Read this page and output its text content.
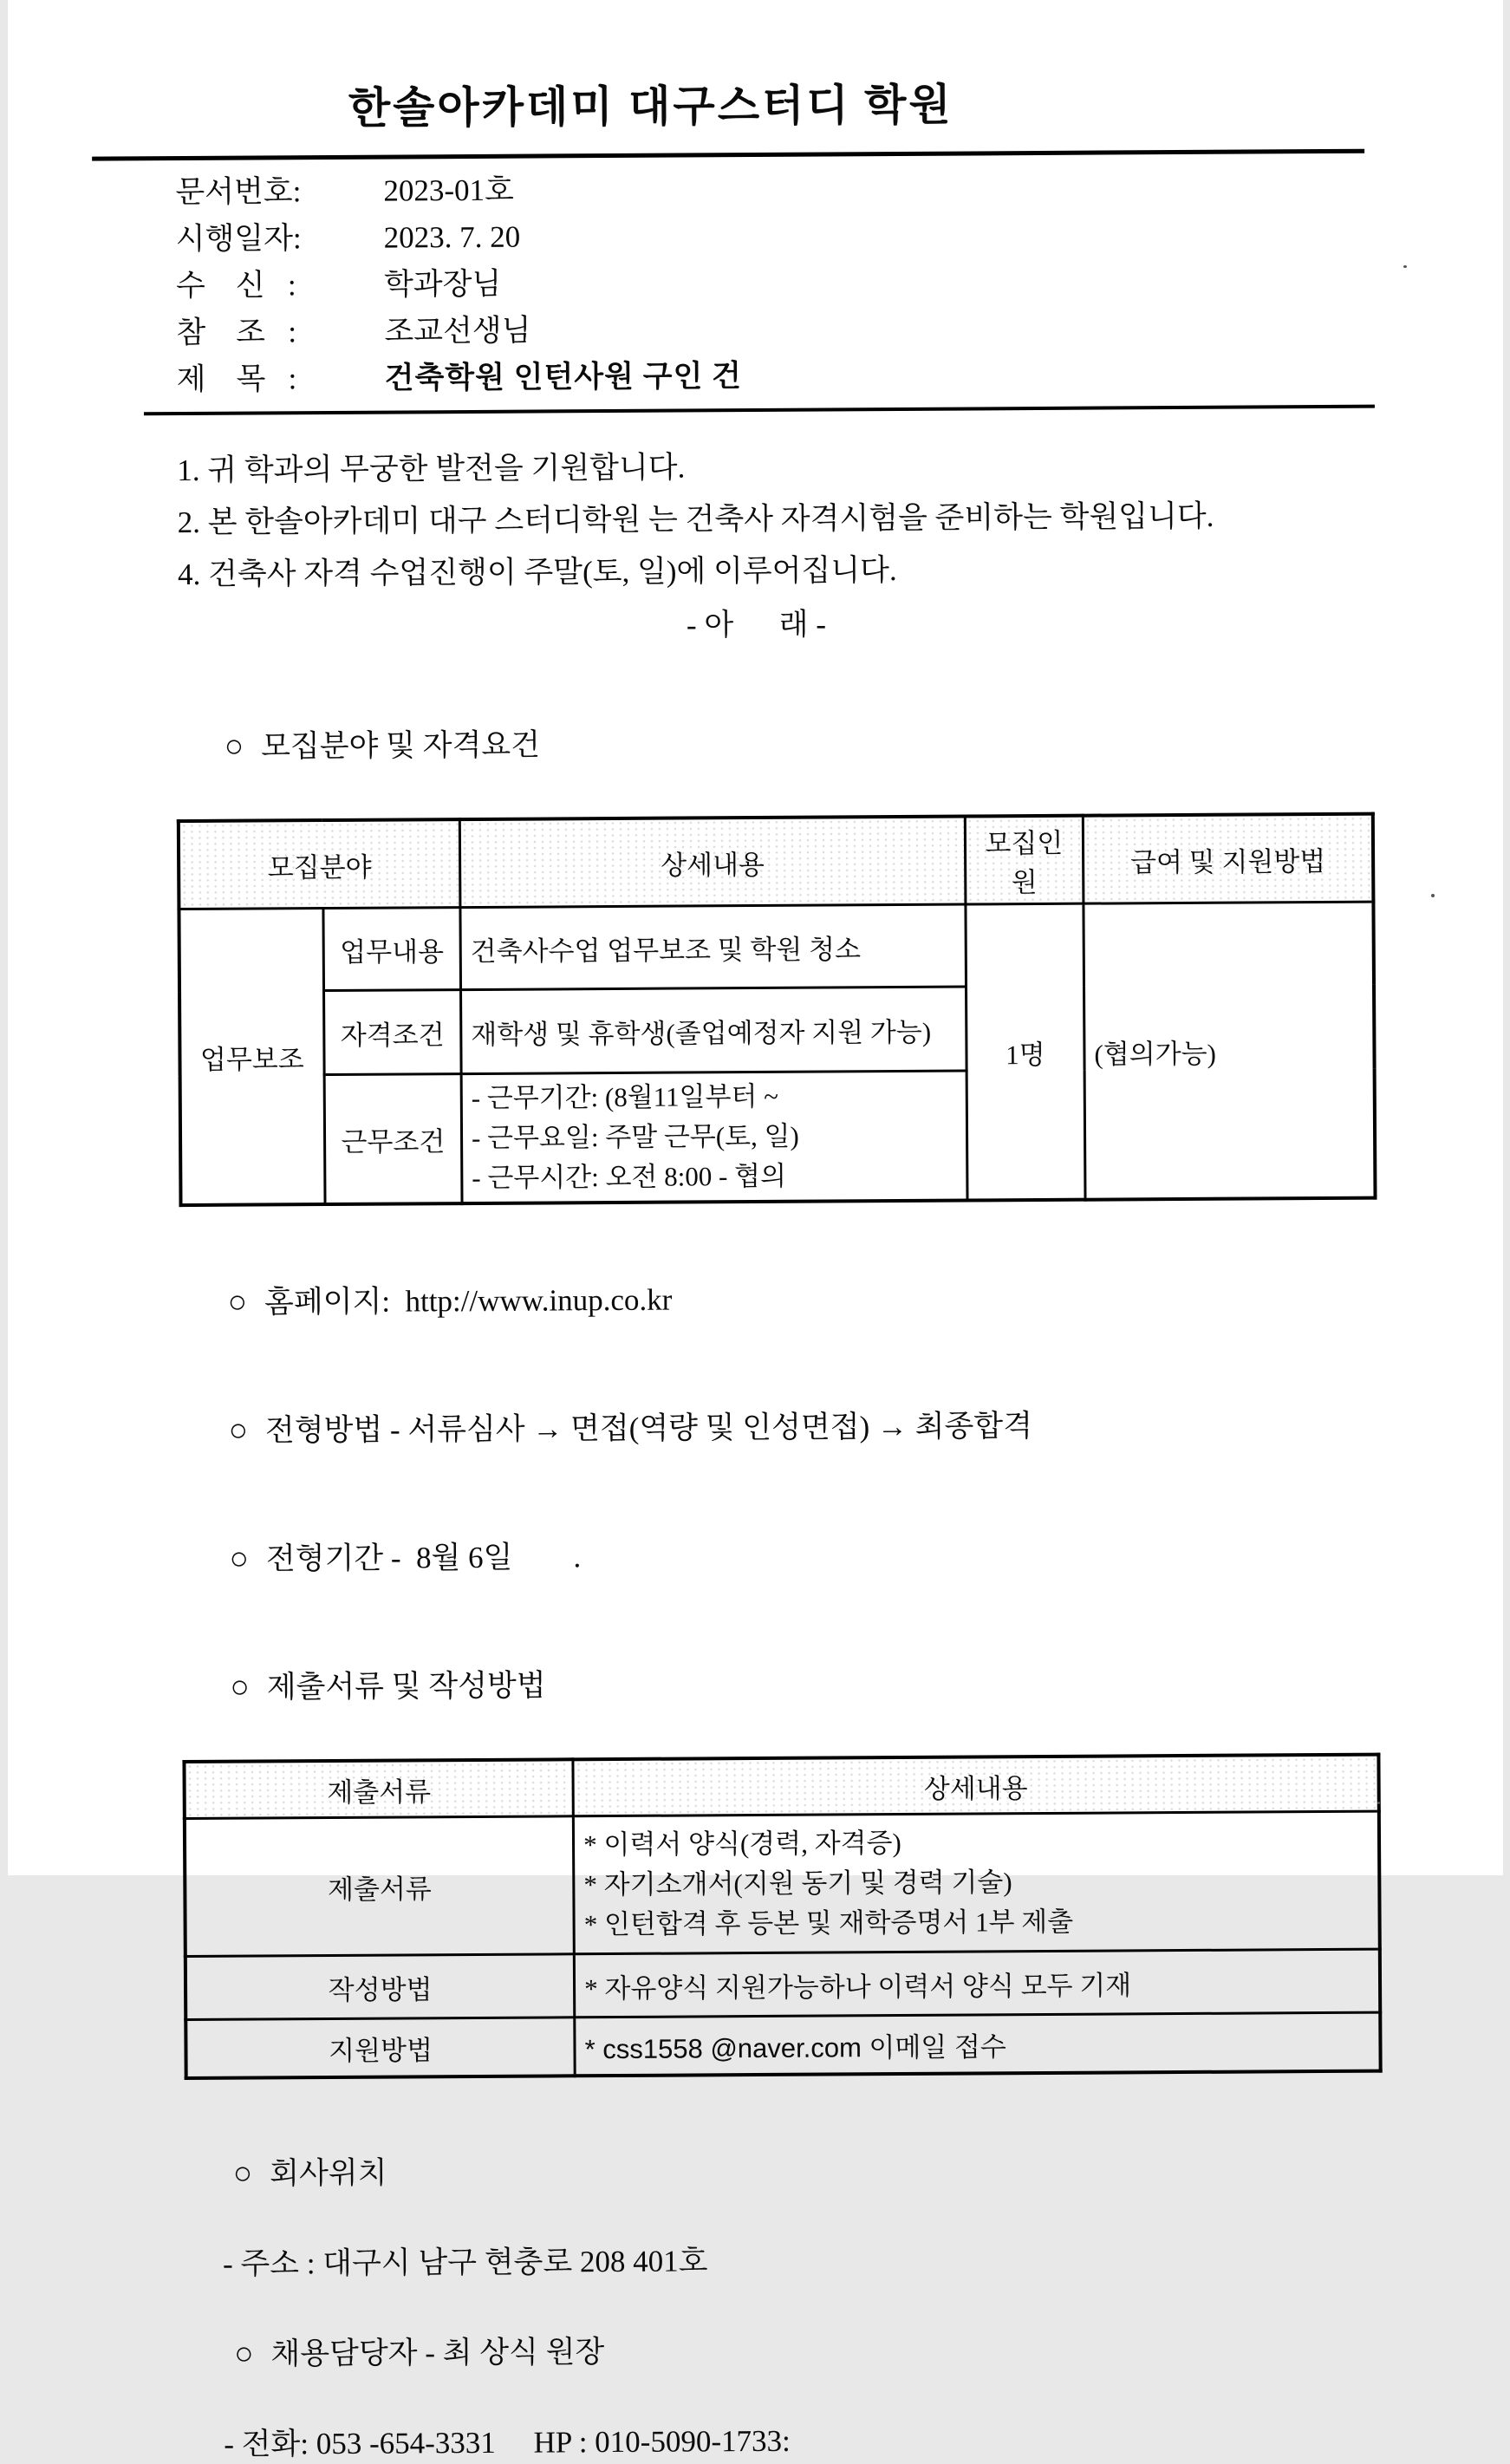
한솔아카데미 대구스터디 학원
문서번호:	2023-01호
시행일자:	2023. 7. 20
수    신   :	학과장님
참    조   :	조교선생님
제    목   :	건축학원 인턴사원 구인 건

1. 귀 학과의 무궁한 발전을 기원합니다.

2. 본 한솔아카데미 대구 스터디학원 는 건축사 자격시험을 준비하는 학원입니다.

4. 건축사 자격 수업진행이 주말(토, 일)에 이루어집니다.

- 아      래 -

○ 모집분야 및 자격요건

모집분야		상세내용	모집인원	급여 및 지원방법
업무보조	업무내용	건축사수업 업무보조 및 학원 청소	1명	(협의가능)
	자격조건	재학생 및 휴학생(졸업예정자 지원 가능)		
	근무조건	- 근무기간: (8월11일부터 ~
- 근무요일: 주말 근무(토, 일)
- 근무시간: 오전 8:00 - 협의		

○ 홈페이지:  http://www.inup.co.kr

○ 전형방법 - 서류심사 → 면접(역량 및 인성면접) → 최종합격

○ 전형기간 -  8월 6일        .

○ 제출서류 및 작성방법

제출서류	상세내용
제출서류	* 이력서 양식(경력, 자격증)
* 자기소개서(지원 동기 및 경력 기술)
* 인턴합격 후 등본 및 재학증명서 1부 제출

작성방법	* 자유양식 지원가능하나 이력서 양식 모두 기재
지원방법	* css1558 @naver.com 이메일 접수

○ 회사위치

- 주소 : 대구시 남구 현충로 208 401호

○ 채용담당자 - 최 상식 원장

- 전화: 053 -654-3331     HP : 010-5090-1733:
